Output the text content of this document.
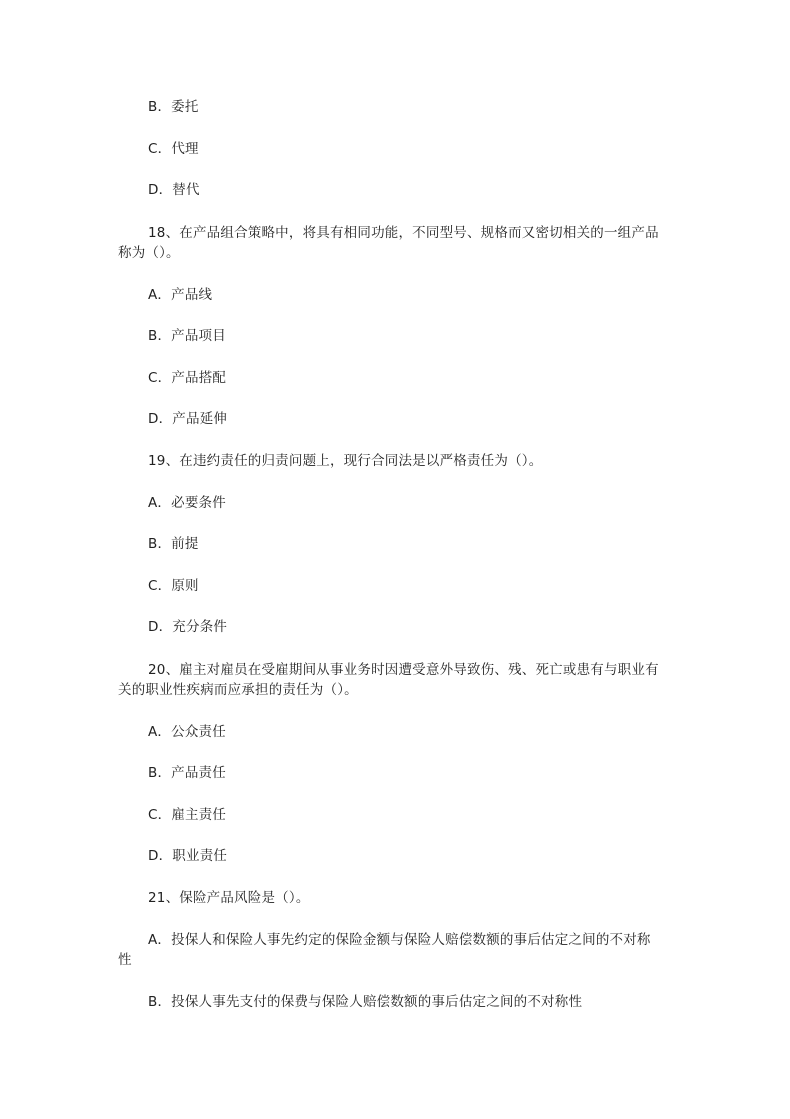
B．委托
C．代理
D．替代
18、在产品组合策略中，将具有相同功能，不同型号、规格而又密切相关的一组产品
称为（）。
A．产品线
B．产品项目
C．产品搭配
D．产品延伸
19、在违约责任的归责问题上，现行合同法是以严格责任为（）。
A．必要条件
B．前提
C．原则
D．充分条件
20、雇主对雇员在受雇期间从事业务时因遭受意外导致伤、残、死亡或患有与职业有
关的职业性疾病而应承担的责任为（）。
A．公众责任
B．产品责任
C．雇主责任
D．职业责任
21、保险产品风险是（）。
A．投保人和保险人事先约定的保险金额与保险人赔偿数额的事后估定之间的不对称
性
B．投保人事先支付的保费与保险人赔偿数额的事后估定之间的不对称性
